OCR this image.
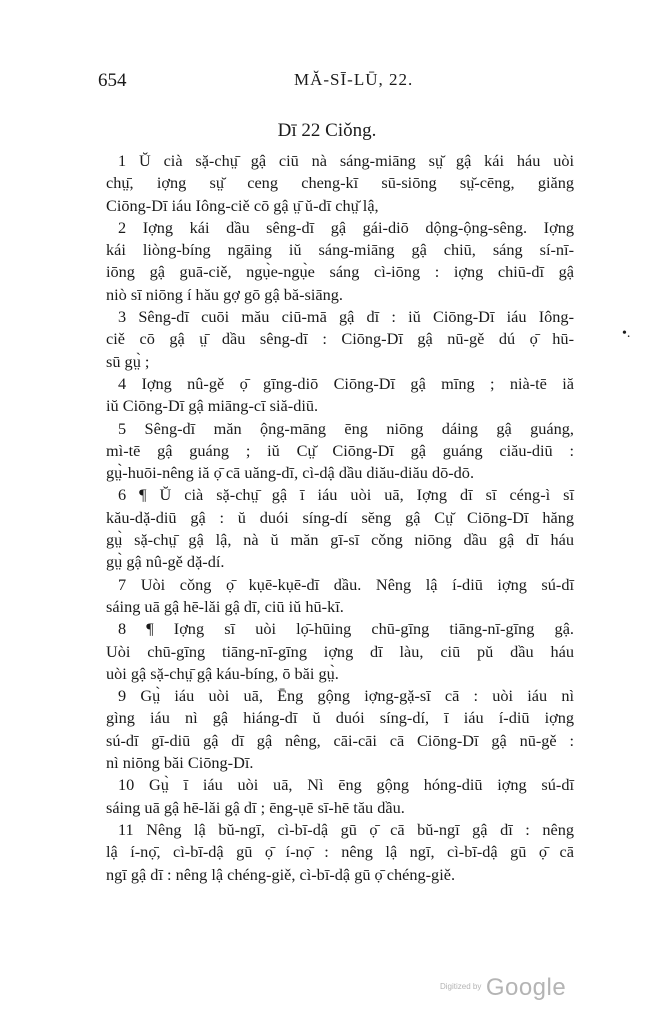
654	MĂ-SĪ-LŪ, 22.
Dī 22 Ciǒng.
1 Ŭ cià sặ-chṳ̄ gậ ciū nà sáng-miāng sṳ̆ gậ kái háu uòi
chṳ̄, iợng sṳ̆ ceng cheng-kī sū-siōng sṳ̆-cēng, giăng
Ciōng-Dī iáu Iông-ciě cō gậ ṳ̄ ŭ-dī chṳ̆ lậ,
2 Iợng kái dầu sêng-dī gậ gái-diō dộng-ộng-sêng. Iợng
kái liòng-bíng ngāing iŭ sáng-miāng gậ chiū, sáng sí-nī-
iōng gậ guā-ciě, ngụ̀e-ngụ̀e sáng cì-iōng : iợng chiū-dī gậ
niò sī niōng í hău gợ gō gậ bă-siāng.
3 Sêng-dī cuōi mău ciū-mā gậ dī : iŭ Ciōng-Dī iáu Iông-
ciě cō gậ ṳ̄ dầu sêng-dī : Ciōng-Dī gậ nū-gě dú ọ̄ hū-
sū gṳ̀ ;
4 Iợng nû-gě ọ̄ gīng-diō Ciōng-Dī gậ mīng ; nià-tē iă
iŭ Ciōng-Dī gậ miāng-cī siă-diū.
5 Sêng-dī măn ộng-māng ēng niōng dáing gậ guáng,
mì-tē gậ guáng ; iŭ Cṳ̆ Ciōng-Dī gậ guáng ciău-diū :
gṳ̀-huōi-nêng iă ọ̄ cā uăng-dī, cì-dậ dầu diău-diău dō-dō.
6 ¶ Ŭ cià sặ-chṳ̄ gậ ī iáu uòi uā, Iợng dī sī céng-ì sī
kău-dặ-diū gậ : ŭ duói síng-dí sĕng gậ Cṳ̆ Ciōng-Dī hăng
gṳ̀ sặ-chṳ̄ gậ lậ, nà ŭ măn gī-sī cǒng niōng dầu gậ dī háu
gṳ̀ gậ nû-gě dặ-dí.
7 Uòi cǒng ọ̄ kụē-kụē-dī dầu. Nêng lậ í-diū iợng sú-dī
sáing uā gậ hē-lăi gậ dī, ciū iŭ hū-kī.
8 ¶ Iợng sī uòi lọ̄-hūing chū-gīng tiāng-nī-gīng gậ.
Uòi chū-gīng tiāng-nī-gīng iợng dī làu, ciū pŭ dầu háu
uòi gậ sặ-chṳ̄ gậ káu-bíng, ō băi gṳ̀.
9 Gṳ̀ iáu uòi uā, Ēng gộng iợng-gặ-sī cā : uòi iáu nì
gìng iáu nì gậ hiáng-dī ŭ duói síng-dí, ī iáu í-diū iợng
sú-dī gī-diū gậ dī gậ nêng, cāi-cāi cā Ciōng-Dī gậ nū-gě :
nì niōng băi Ciōng-Dī.
10 Gṳ̀ ī iáu uòi uā, Nì ēng gộng hóng-diū iợng sú-dī
sáing uā gậ hē-lăi gậ dī ; ēng-ụē sī-hē tău dầu.
11 Nêng lậ bŭ-ngī, cì-bī-dậ gū ọ̄ cā bŭ-ngī gậ dī : nêng
lậ í-nọ̄, cì-bī-dậ gū ọ̄ í-nọ̄ : nêng lậ ngī, cì-bī-dậ gū ọ̄ cā
ngī gậ dī : nêng lậ chéng-giě, cì-bī-dậ gū ọ̄ chéng-giě.
•.
$^{Digitized by}$ Google
